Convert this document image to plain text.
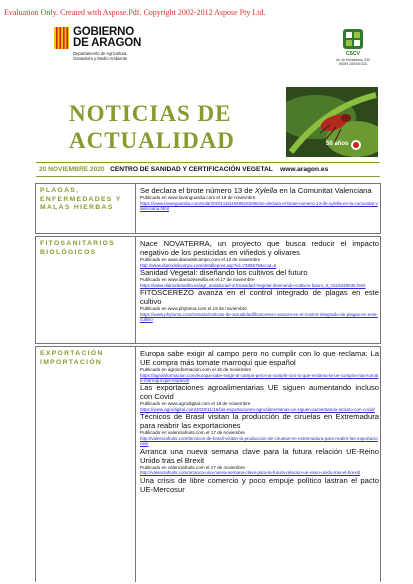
Evaluation Only. Created with Aspose.Pdf. Copyright 2002-2012 Aspose Pty Ltd.
GOBIERNO
DE ARAGON
Departamento de Agricultura,
Ganadería y Medio Ambiente
CSCV
Av. de Montañana, 930
50059 ZARAGOZA
NOTICIAS DE
ACTUALIDAD	50 años
20 NOVIEMBRE 2020 CENTRO DE SANIDAD Y CERTIFICACIÓN VEGETAL www.aragon.es
PLAGAS,
ENFERMEDADES Y
MALAS HIERBAS
Se declara el brote número 13 de Xylella en la Comunitat Valenciana
Publicado en www.lavanguardia.com el 16 de noviembre
https://www.lavanguardia.com/vida/20201116/49486182066/se-declara-el-brote-numero-13-de-xylella-en-la-comunitat-valenciana.html
FITOSANITARIOS
BIOLÓGICOS
Nace NOVATERRA, un proyecto que busca reducir el impacto negativo de los pesticidas en viñedos y olivares
Publicado en www.diariodelcampo.com el 12 de noviembre
http://www.diariodelcampo.com/detallepost.asp?id=7389676&ccat=6
Sanidad Vegetal: diseñando los cultivos del futuro
Publicado en www.diariodesevilla.es el 17 de noviembre
https://www.diariodesevilla.es/agr_andalucia/l-d-l/Sanidad-Vegetal-disenando-cultivos-futuro_0_1519348635.html
FITOSCEREZO avanza en el control integrado de plagas en este cultivo
Publicado en www.phytoma.com el 19 de noviembre
https://www.phytoma.com/noticias/noticias-de-actualidad/fitoscerezo-avanza-en-el-control-integrado-de-plagas-en-este-cultivo
EXPORTACIÓN
IMPORTACIÓN
Europa sabe exigir al campo pero no cumplir con lo que reclama: La UE compra más tomate marroquí que español
Publicado en agroinformacion.com el 15 de noviembre
https://agroinformacion.com/europa-sabe-exigir-al-campo-pero-no-cumplir-con-lo-que-reclama-la-ue-compra-mas-tomate-marroqui-que-espanol/
Las exportaciones agroalimentarias UE siguen aumentando incluso con Covid
Publicado en www.agrodigital.com el 16 de noviembre
https://www.agrodigital.com/2020/11/16/las-exportaciones-agroalimentarias-ue-siguen-aumentando-incluso-con-covid/
Técnicos de Brasil visitan la producción de ciruelas en Extremadura para reabrir las exportaciones
Publicado en valenciafruits.com el 17 de noviembre
http://valenciafruits.com/tecnicos-de-brasil-visitan-la-produccion-de-ciruelas-en-extremadura-para-reabrir-las-exportaciones/
Arranca una nueva semana clave para la futura relación UE-Reino Unido tras el Brexit
Publicado en valenciafruits.com el 17 de noviembre
http://valenciafruits.com/arranca-una-nueva-semana-clave-para-la-futura-relacion-ue-reino-unido-tras-el-brexit/
Una crisis de libre comercio y poco empuje político lastran el pacto UE-Mercosur
